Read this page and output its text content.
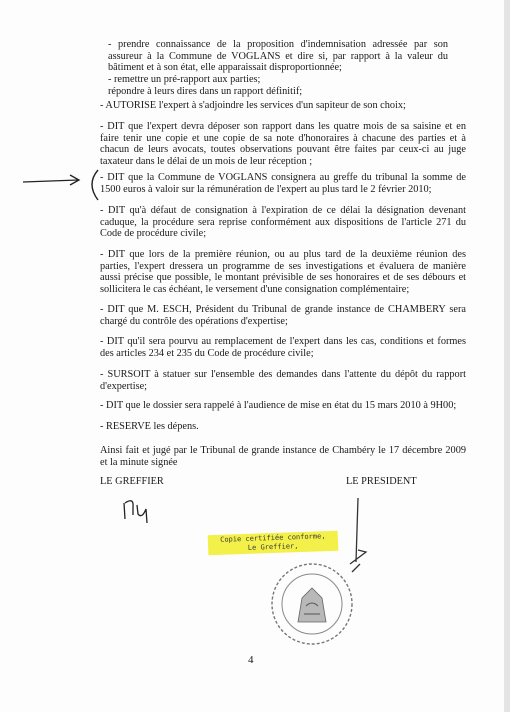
- prendre connaissance de la proposition d'indemnisation adressée par son assureur à la Commune de VOGLANS et dire si, par rapport à la valeur du bâtiment et à son état, elle apparaissait disproportionnée;
- remettre un pré-rapport aux parties;
répondre à leurs dires dans un rapport définitif;
- AUTORISE l'expert à s'adjoindre les services d'un sapiteur de son choix;
- DIT que l'expert devra déposer son rapport dans les quatre mois de sa saisine et en faire tenir une copie et une copie de sa note d'honoraires à chacune des parties et à chacun de leurs avocats, toutes observations pouvant être faites par ceux-ci au juge taxateur dans le délai de un mois de leur réception ;
- DIT que la Commune de VOGLANS consignera au greffe du tribunal la somme de 1500 euros à valoir sur la rémunération de l'expert au plus tard le 2 février 2010;
- DIT qu'à défaut de consignation à l'expiration de ce délai la désignation devenant caduque, la procédure sera reprise conformément aux dispositions de l'article 271 du Code de procédure civile;
- DIT que lors de la première réunion, ou au plus tard de la deuxième réunion des parties, l'expert dressera un programme de ses investigations et évaluera de manière aussi précise que possible, le montant prévisible de ses honoraires et de ses débours et sollicitera le cas échéant, le versement d'une consignation complémentaire;
- DIT que M. ESCH, Président du Tribunal de grande instance de CHAMBERY sera chargé du contrôle des opérations d'expertise;
- DIT qu'il sera pourvu au remplacement de l'expert dans les cas, conditions et formes des articles 234 et 235 du Code de procédure civile;
- SURSOIT à statuer sur l'ensemble des demandes dans l'attente du dépôt du rapport d'expertise;
- DIT que le dossier sera rappelé à l'audience de mise en état du 15 mars 2010 à 9H00;
- RESERVE les dépens.
Ainsi fait et jugé par le Tribunal de grande instance de Chambéry le 17 décembre 2009 et la minute signée
LE GREFFIER	LE PRESIDENT
Copie certifiée conforme,
Le Greffier,
4
